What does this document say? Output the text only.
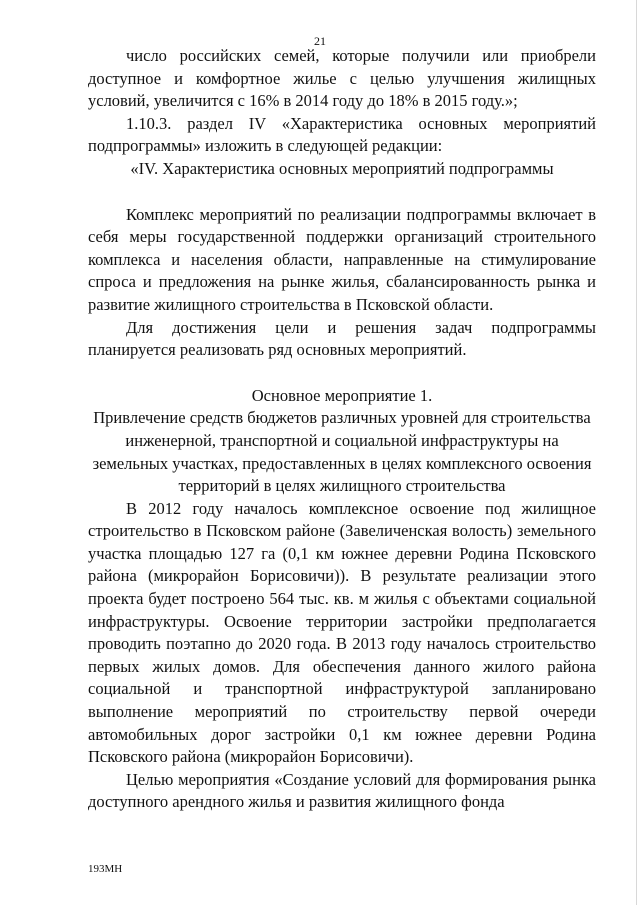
21

число российских семей, которые получили или приобрели доступное и комфортное жилье с целью улучшения жилищных условий, увеличится с 16% в 2014 году до 18% в 2015 году.»;

1.10.3. раздел IV «Характеристика основных мероприятий подпрограммы» изложить в следующей редакции:

«IV. Характеристика основных мероприятий подпрограммы

Комплекс мероприятий по реализации подпрограммы включает в себя меры государственной поддержки организаций строительного комплекса и населения области, направленные на стимулирование спроса и предложения на рынке жилья, сбалансированность рынка и развитие жилищного строительства в Псковской области.

Для достижения цели и решения задач подпрограммы планируется реализовать ряд основных мероприятий.

Основное мероприятие 1.

Привлечение средств бюджетов различных уровней для строительства инженерной, транспортной и социальной инфраструктуры на земельных участках, предоставленных в целях комплексного освоения территорий в целях жилищного строительства

В 2012 году началось комплексное освоение под жилищное строительство в Псковском районе (Завеличенская волость) земельного участка площадью 127 га (0,1 км южнее деревни Родина Псковского района (микрорайон Борисовичи)). В результате реализации этого проекта будет построено 564 тыс. кв. м жилья с объектами социальной инфраструктуры. Освоение территории застройки предполагается проводить поэтапно до 2020 года. В 2013 году началось строительство первых жилых домов. Для обеспечения данного жилого района социальной и транспортной инфраструктурой запланировано выполнение мероприятий по строительству первой очереди автомобильных дорог застройки 0,1 км южнее деревни Родина Псковского района (микрорайон Борисовичи).

Целью мероприятия «Создание условий для формирования рынка доступного арендного жилья и развития жилищного фонда

193МН
